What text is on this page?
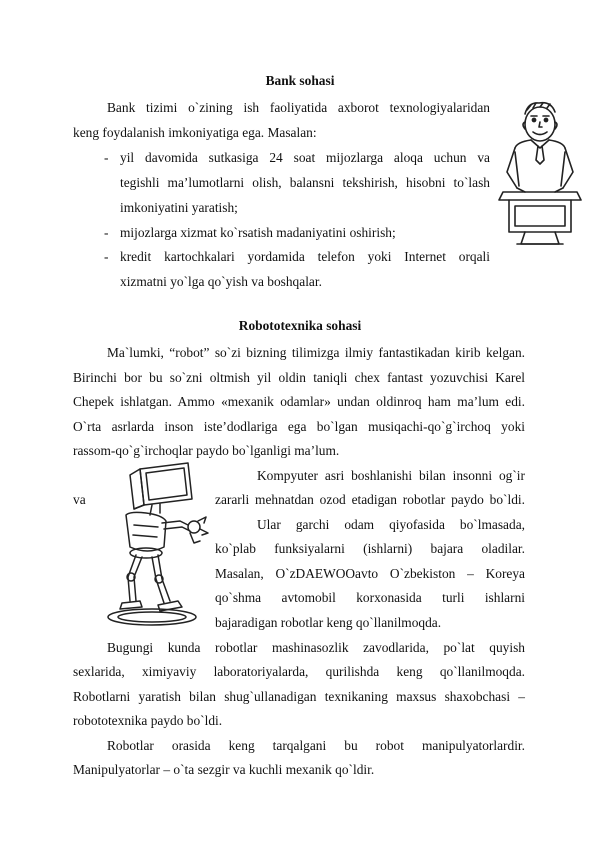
Bank sohasi
Bank tizimi o`zining ish faoliyatida axborot texnologiyalaridan
keng foydalanish imkoniyatiga ega. Masalan:
- yil davomida sutkasiga 24 soat mijozlarga aloqa uchun va
tegishli ma’lumotlarni olish, balansni tekshirish, hisobni to`lash
imkoniyatini yaratish;
- mijozlarga xizmat ko`rsatish madaniyatini oshirish;
- kredit kartochkalari yordamida telefon yoki Internet orqali
xizmatni yo`lga qo`yish va boshqalar.
Robototexnika sohasi
Ma`lumki, “robot” so`zi bizning tilimizga ilmiy fantastikadan kirib kelgan.
Birinchi bor bu so`zni oltmish yil oldin taniqli chex fantast yozuvchisi Karel
Chepek ishlatgan. Ammo «mexanik odamlar» undan oldinroq ham ma’lum edi.
O`rta asrlarda inson iste’dodlariga ega bo`lgan musiqachi-qo`g`irchoq yoki
rassom-qo`g`irchoqlar paydo bo`lganligi ma’lum.
Kompyuter asri boshlanishi bilan insonni og`ir
va	zararli mehnatdan ozod etadigan robotlar paydo bo`ldi.
Ular garchi odam qiyofasida bo`lmasada,
ko`plab funksiyalarni (ishlarni) bajara oladilar.
Masalan, O`zDAEWOOavto O`zbekiston – Koreya
qo`shma avtomobil korxonasida turli ishlarni
bajaradigan robotlar keng qo`llanilmoqda.
Bugungi kunda robotlar mashinasozlik zavodlarida, po`lat quyish
sexlarida, ximiyaviy laboratoriyalarda, qurilishda keng qo`llanilmoqda.
Robotlarni yaratish bilan shug`ullanadigan texnikaning maxsus shaxobchasi –
robototexnika paydo bo`ldi.
Robotlar orasida keng tarqalgani bu robot manipulyatorlardir.
Manipulyatorlar – o`ta sezgir va kuchli mexanik qo`ldir.
